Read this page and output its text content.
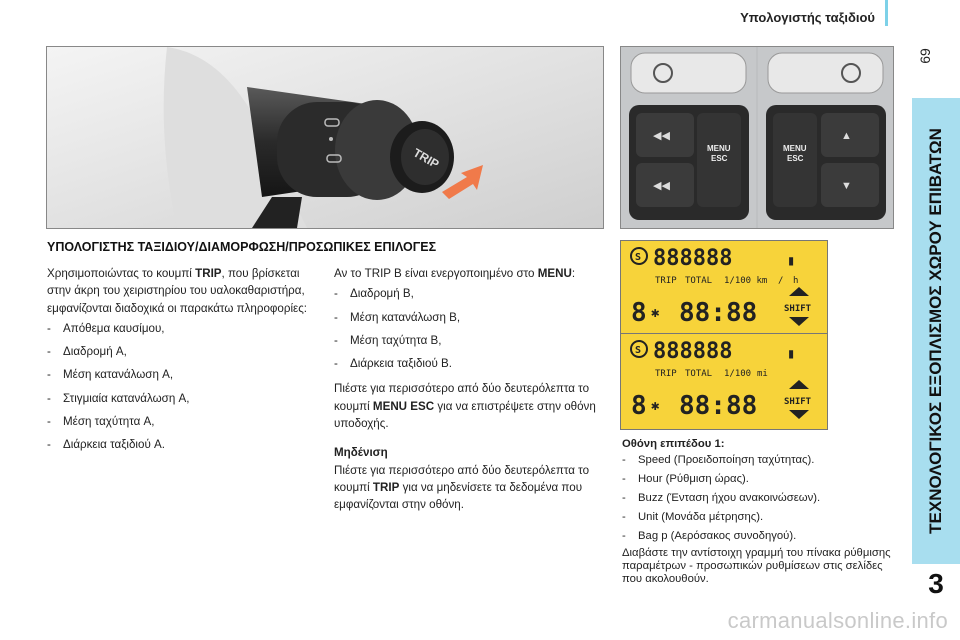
Υπολογιστής ταξιδιού
69
ΤΕΧΝΟΛΟΓΙΚΟΣ ΕΞΟΠΛΙΣΜΟΣ ΧΩΡΟΥ ΕΠΙΒΑΤΩΝ
3
TRIP	MENU
ESC
MENU
ESC
◀◀
◀◀
▲
▼
ΥΠΟΛΟΓΙΣΤΗΣ ΤΑΞΙΔΙΟΥ/ΔΙΑΜΟΡΦΩΣΗ/ΠΡΟΣΩΠΙΚΕΣ ΕΠΙΛΟΓΕΣ

Χρησιμοποιώντας το κουμπί TRIP, που βρίσκεται στην άκρη του χειριστηρίου του υαλοκαθαριστήρα, εμφανίζονται διαδοχικά οι παρακάτω πληροφορίες:

- Απόθεμα καυσίμου,
- Διαδρομή A,
- Μέση κατανάλωση A,
- Στιγμιαία κατανάλωση A,
- Μέση ταχύτητα A,
- Διάρκεια ταξιδιού A.

Αν το TRIP B είναι ενεργοποιημένο στο MENU:

- Διαδρομή B,
- Μέση κατανάλωση B,
- Μέση ταχύτητα B,
- Διάρκεια ταξιδιού B.

Πιέστε για περισσότερο από δύο δευτερόλεπτα το κουμπί MENU ESC για να επιστρέψετε στην οθόνη υποδοχής.

Μηδένιση

Πιέστε για περισσότερο από δύο δευτερόλεπτα το κουμπί TRIP για να μηδενίσετε τα δεδομένα που εμφανίζονται στην οθόνη.

S 888888	▮
TRIP TOTAL 1/100 km / h
8 ✱ 88:88	SHIFT
S 888888	▮
TRIP TOTAL 1/100 mi
8 ✱ 88:88	SHIFT

Οθόνη επιπέδου 1:

- Speed (Προειδοποίηση ταχύτητας).
- Hour (Ρύθμιση ώρας).
- Buzz (Ένταση ήχου ανακοινώσεων).
- Unit (Μονάδα μέτρησης).
- Bag p (Αερόσακος συνοδηγού).

Διαβάστε την αντίστοιχη γραμμή του πίνακα ρύθμισης παραμέτρων - προσωπικών ρυθμίσεων στις σελίδες που ακολουθούν.

carmanualsonline.info
